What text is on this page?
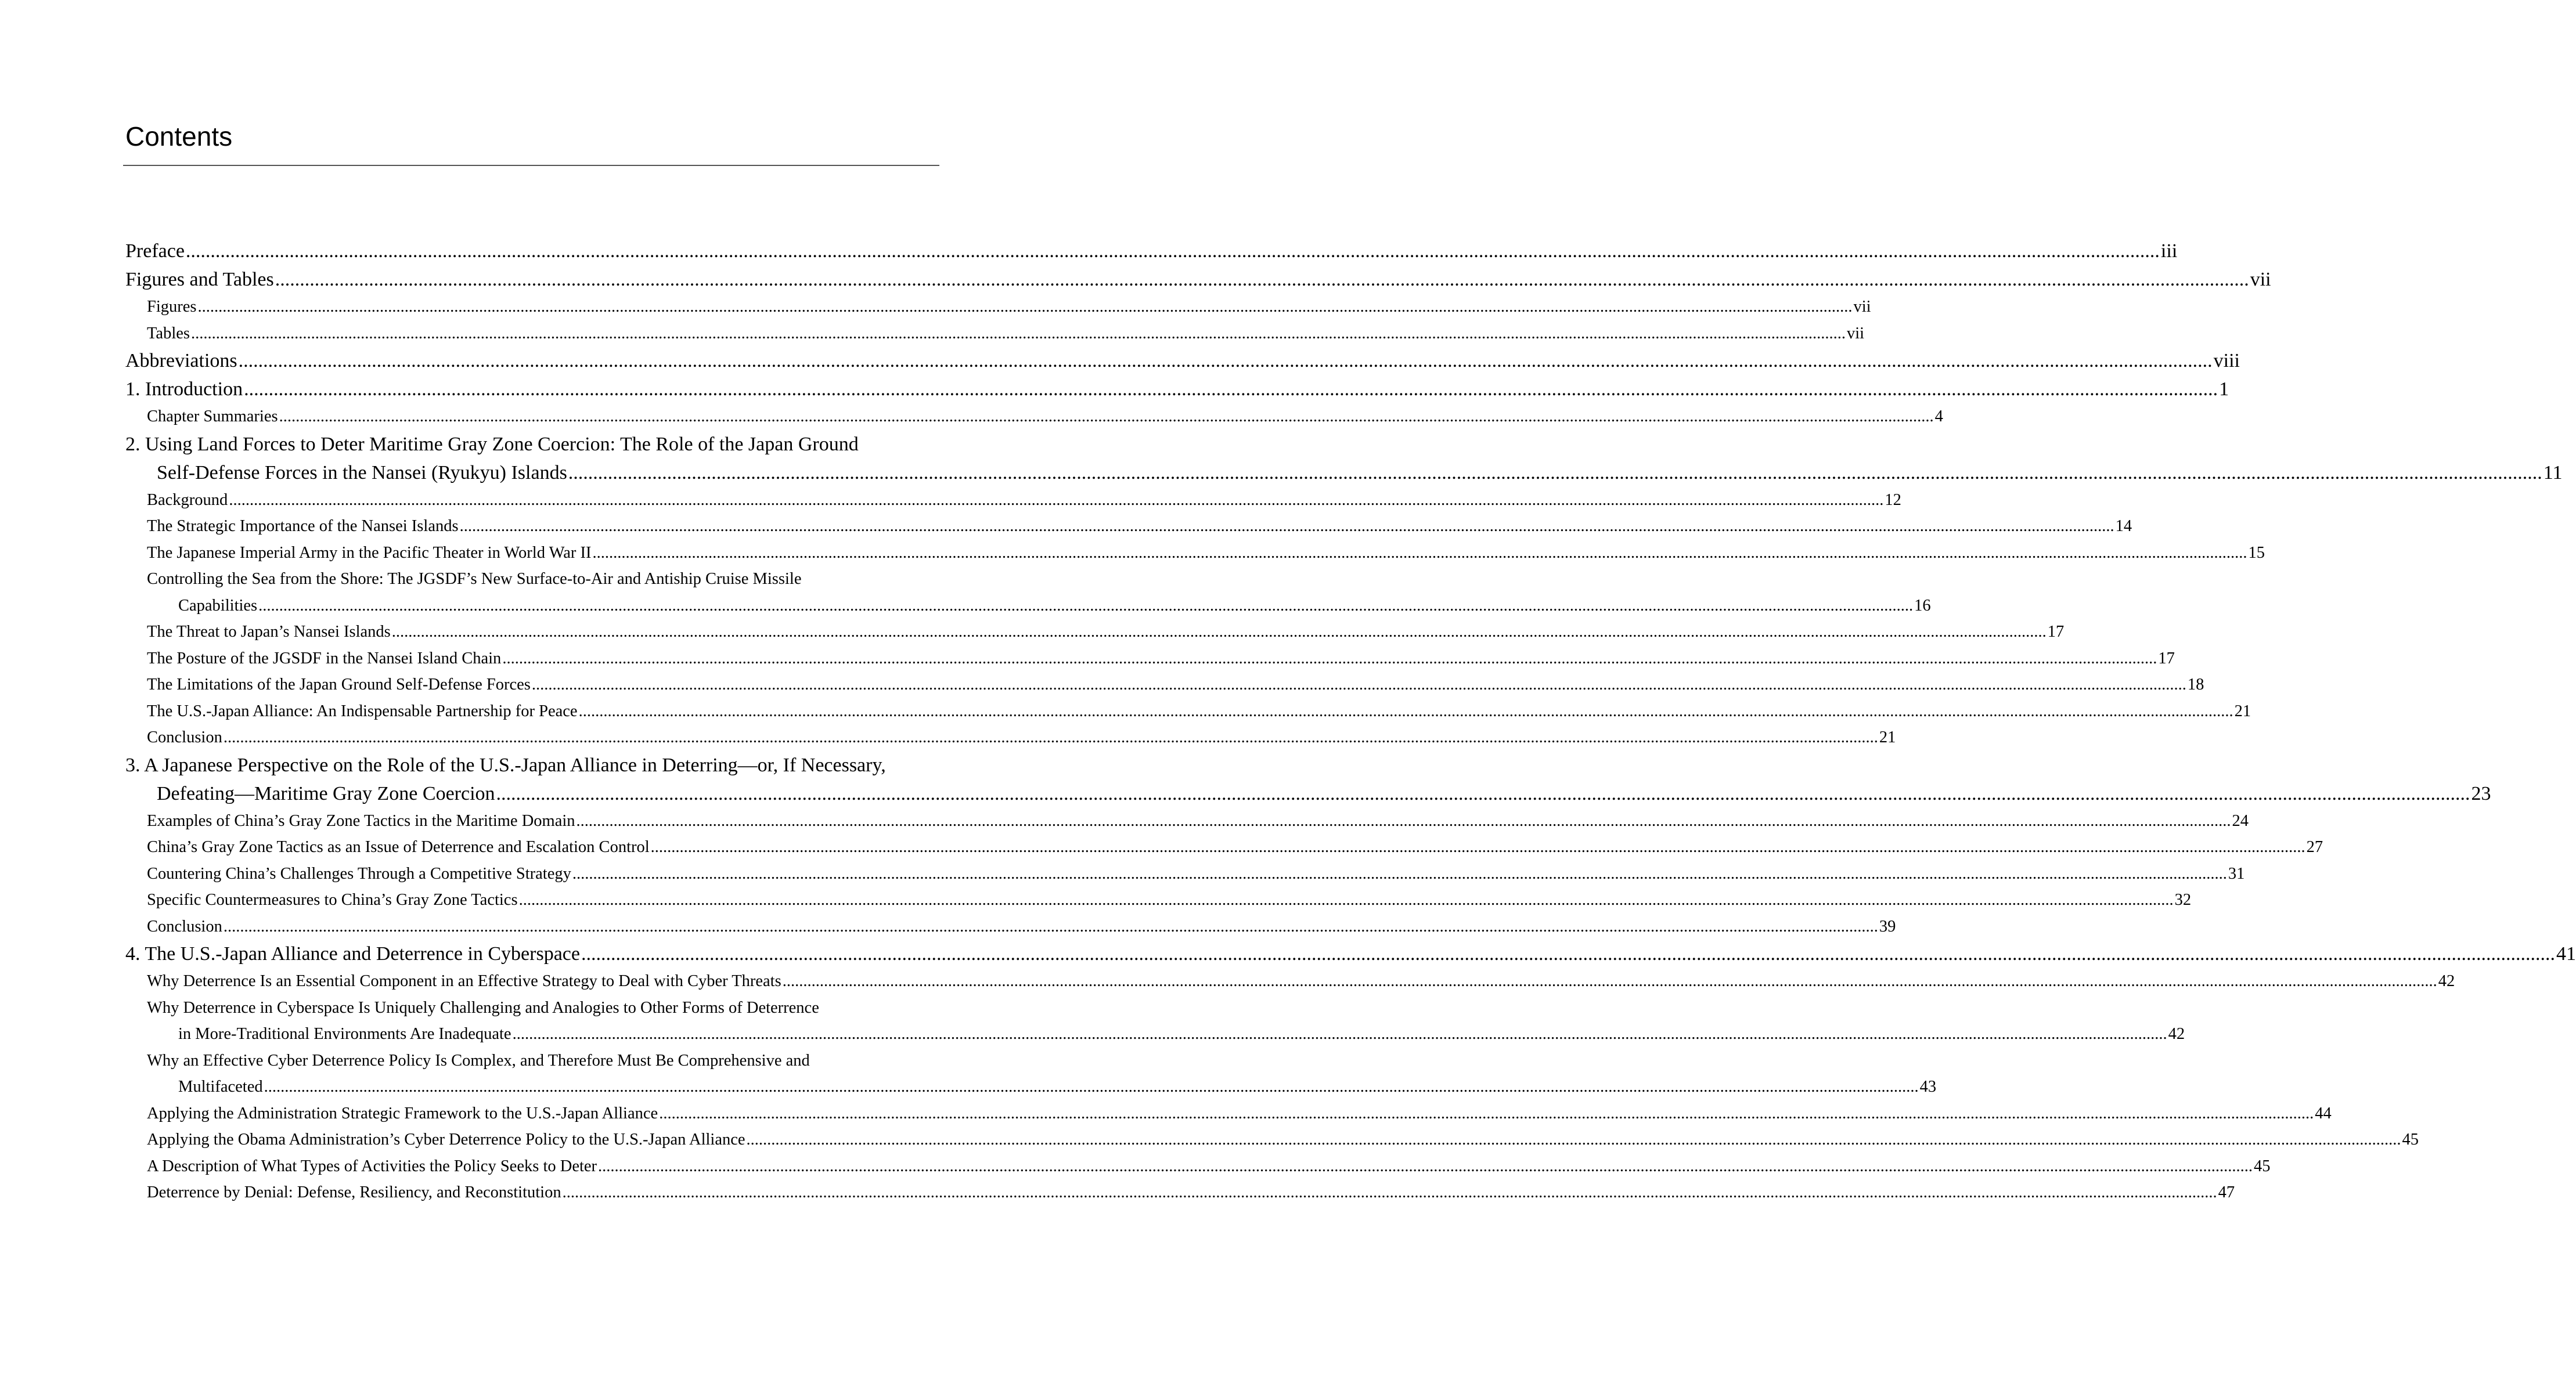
Contents
Preface ................................................................................................................................................................................................................................................................................................................................................................................................................ iii
Figures and Tables ................................................................................................................................................................................................................................................................................................................................................................................................................ vii
Figures ................................................................................................................................................................................................................................................................................................................................................................................................................ vii
Tables ................................................................................................................................................................................................................................................................................................................................................................................................................ vii
Abbreviations ................................................................................................................................................................................................................................................................................................................................................................................................................ viii
1. Introduction ................................................................................................................................................................................................................................................................................................................................................................................................................ 1
Chapter Summaries ................................................................................................................................................................................................................................................................................................................................................................................................................ 4
2. Using Land Forces to Deter Maritime Gray Zone Coercion: The Role of the Japan Ground
Self-Defense Forces in the Nansei (Ryukyu) Islands ................................................................................................................................................................................................................................................................................................................................................................................................................ 11
Background ................................................................................................................................................................................................................................................................................................................................................................................................................ 12
The Strategic Importance of the Nansei Islands ................................................................................................................................................................................................................................................................................................................................................................................................................ 14
The Japanese Imperial Army in the Pacific Theater in World War II ................................................................................................................................................................................................................................................................................................................................................................................................................ 15
Controlling the Sea from the Shore: The JGSDF’s New Surface-to-Air and Antiship Cruise Missile
Capabilities ................................................................................................................................................................................................................................................................................................................................................................................................................ 16
The Threat to Japan’s Nansei Islands ................................................................................................................................................................................................................................................................................................................................................................................................................ 17
The Posture of the JGSDF in the Nansei Island Chain ................................................................................................................................................................................................................................................................................................................................................................................................................ 17
The Limitations of the Japan Ground Self-Defense Forces ................................................................................................................................................................................................................................................................................................................................................................................................................ 18
The U.S.-Japan Alliance: An Indispensable Partnership for Peace ................................................................................................................................................................................................................................................................................................................................................................................................................ 21
Conclusion ................................................................................................................................................................................................................................................................................................................................................................................................................ 21
3. A Japanese Perspective on the Role of the U.S.-Japan Alliance in Deterring—or, If Necessary,
Defeating—Maritime Gray Zone Coercion ................................................................................................................................................................................................................................................................................................................................................................................................................ 23
Examples of China’s Gray Zone Tactics in the Maritime Domain ................................................................................................................................................................................................................................................................................................................................................................................................................ 24
China’s Gray Zone Tactics as an Issue of Deterrence and Escalation Control ................................................................................................................................................................................................................................................................................................................................................................................................................ 27
Countering China’s Challenges Through a Competitive Strategy ................................................................................................................................................................................................................................................................................................................................................................................................................ 31
Specific Countermeasures to China’s Gray Zone Tactics ................................................................................................................................................................................................................................................................................................................................................................................................................ 32
Conclusion ................................................................................................................................................................................................................................................................................................................................................................................................................ 39
4. The U.S.-Japan Alliance and Deterrence in Cyberspace ................................................................................................................................................................................................................................................................................................................................................................................................................ 41
Why Deterrence Is an Essential Component in an Effective Strategy to Deal with Cyber Threats ................................................................................................................................................................................................................................................................................................................................................................................................................ 42
Why Deterrence in Cyberspace Is Uniquely Challenging and Analogies to Other Forms of Deterrence
in More-Traditional Environments Are Inadequate ................................................................................................................................................................................................................................................................................................................................................................................................................ 42
Why an Effective Cyber Deterrence Policy Is Complex, and Therefore Must Be Comprehensive and
Multifaceted ................................................................................................................................................................................................................................................................................................................................................................................................................ 43
Applying the Administration Strategic Framework to the U.S.-Japan Alliance ................................................................................................................................................................................................................................................................................................................................................................................................................ 44
Applying the Obama Administration’s Cyber Deterrence Policy to the U.S.-Japan Alliance ................................................................................................................................................................................................................................................................................................................................................................................................................ 45
A Description of What Types of Activities the Policy Seeks to Deter ................................................................................................................................................................................................................................................................................................................................................................................................................ 45
Deterrence by Denial: Defense, Resiliency, and Reconstitution ................................................................................................................................................................................................................................................................................................................................................................................................................ 47
